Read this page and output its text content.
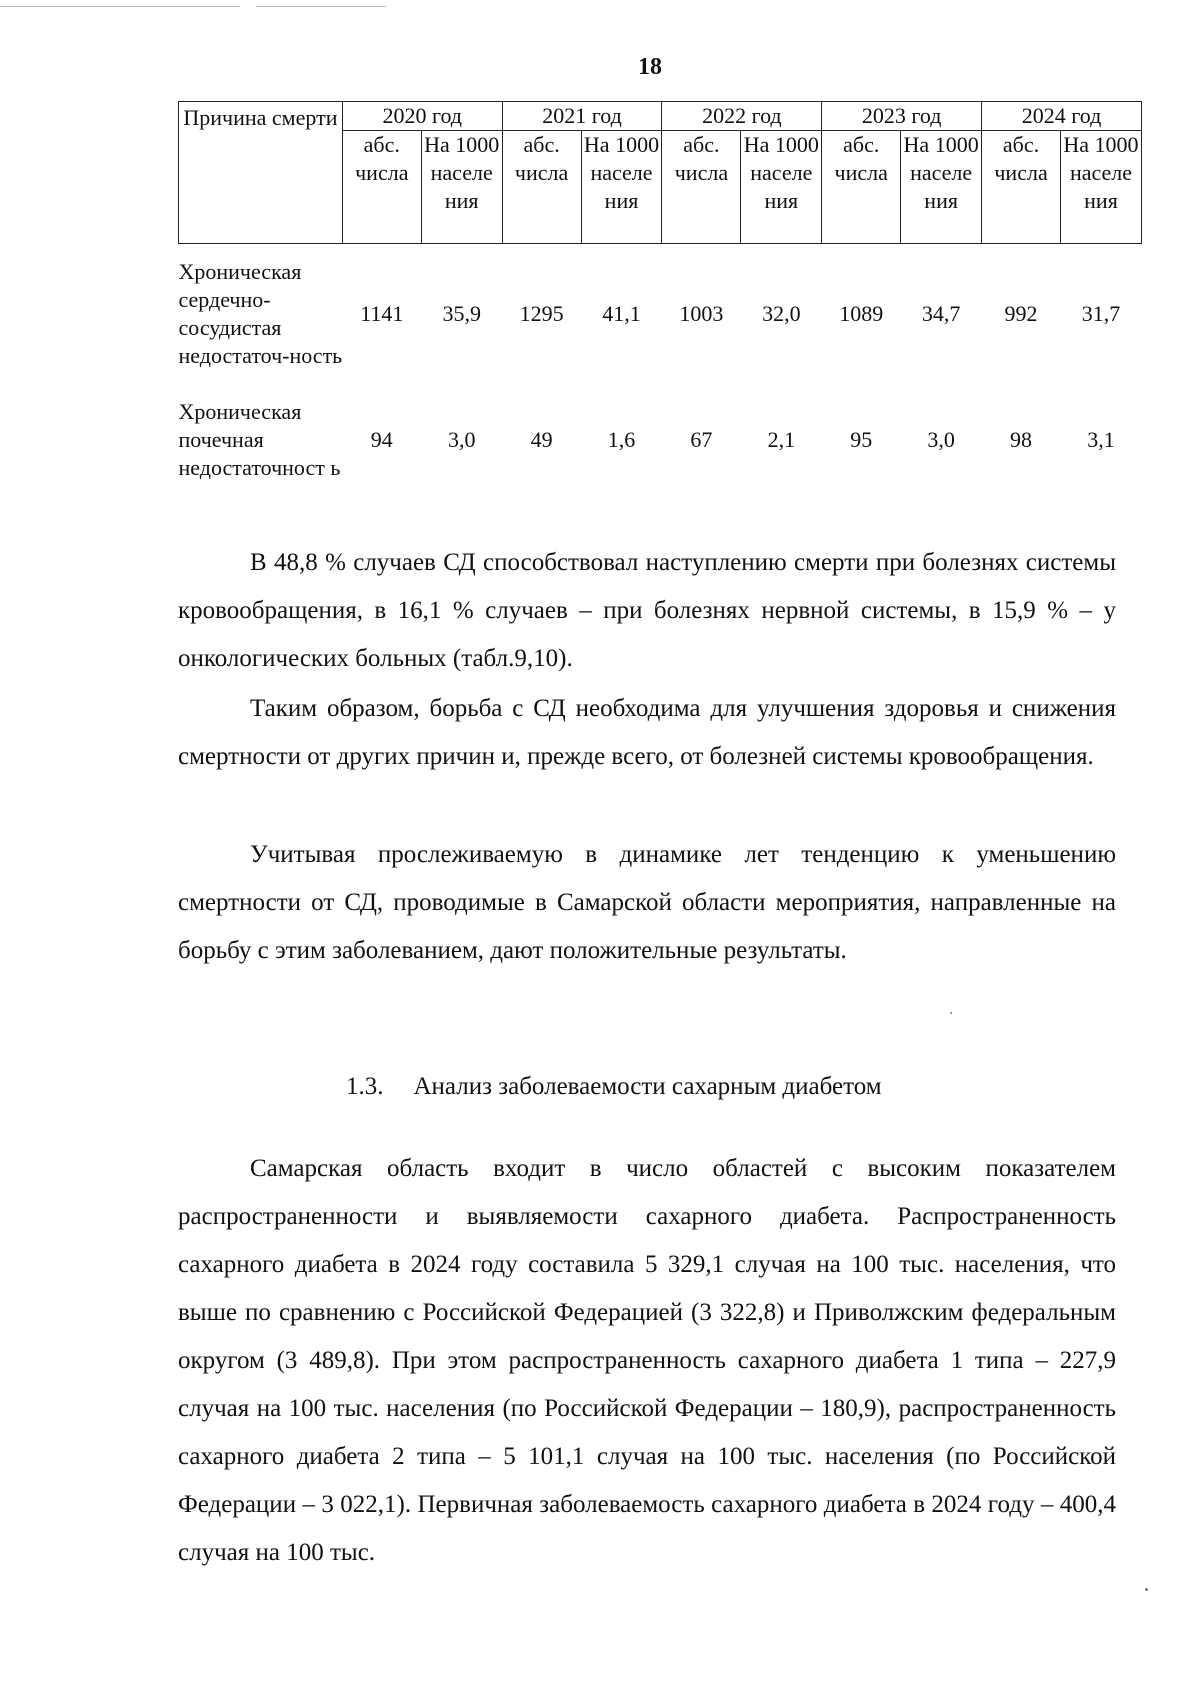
18
Причина смерти	2020 год		2021 год		2022 год		2023 год		2024 год	
	абс. числа	На 1000 населе ния	абс. числа	На 1000 населе ния	абс. числа	На 1000 населе ния	абс. числа	На 1000 населе ния	абс. числа	На 1000 населе ния
Хроническая сердечно-сосудистая недостаточ-ность	1141	35,9	1295	41,1	1003	32,0	1089	34,7	992	31,7
Хроническая почечная недостаточност ь	94	3,0	49	1,6	67	2,1	95	3,0	98	3,1

В 48,8 % случаев СД способствовал наступлению смерти при болезнях системы кровообращения, в 16,1 % случаев – при болезнях нервной системы, в 15,9 % – у онкологических больных (табл.9,10).

Таким образом, борьба с СД необходима для улучшения здоровья и снижения смертности от других причин и, прежде всего, от болезней системы кровообращения.

Учитывая прослеживаемую в динамике лет тенденцию к уменьшению смертности от СД, проводимые в Самарской области мероприятия, направленные на борьбу с этим заболеванием, дают положительные результаты.

1.3. Анализ заболеваемости сахарным диабетом

Самарская область входит в число областей с высоким показателем распространенности и выявляемости сахарного диабета. Распространенность сахарного диабета в 2024 году составила 5 329,1 случая на 100 тыс. населения, что выше по сравнению с Российской Федерацией (3 322,8) и Приволжским федеральным округом (3 489,8). При этом распространенность сахарного диабета 1 типа – 227,9 случая на 100 тыс. населения (по Российской Федерации – 180,9), распространенность сахарного диабета 2 типа – 5 101,1 случая на 100 тыс. населения (по Российской Федерации – 3 022,1). Первичная заболеваемость сахарного диабета в 2024 году – 400,4 случая на 100 тыс.
